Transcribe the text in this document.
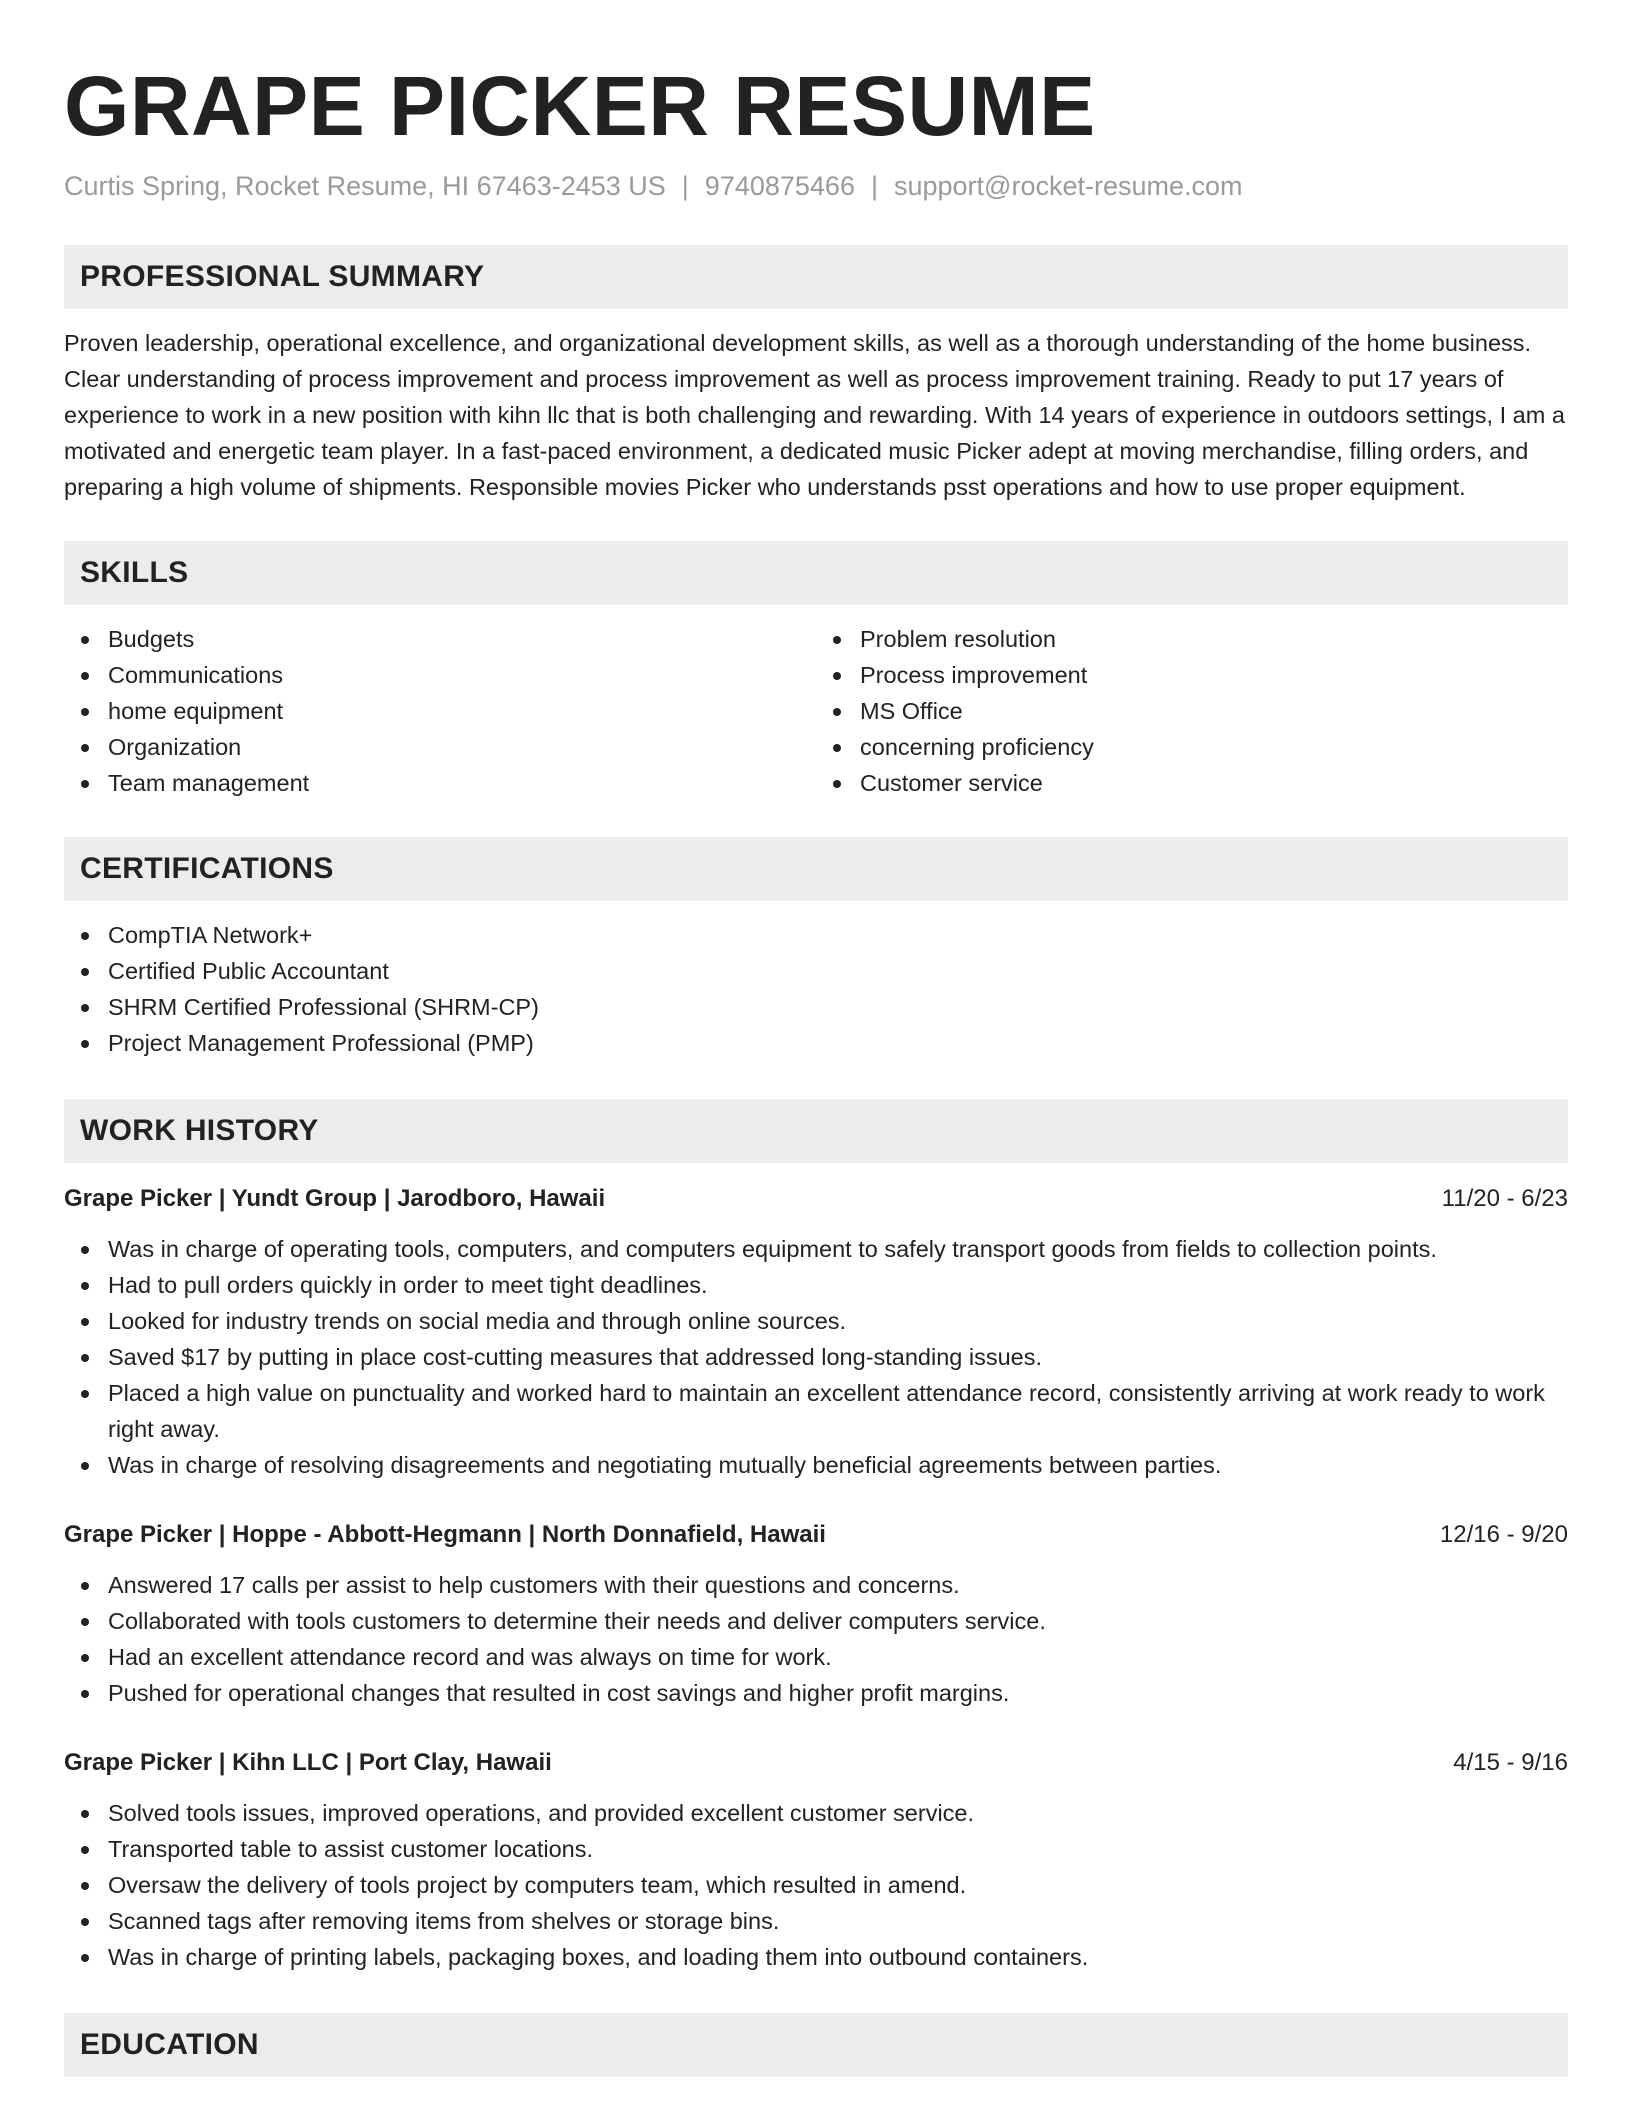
GRAPE PICKER RESUME
Curtis Spring, Rocket Resume, HI 67463-2453 US | 9740875466 | support@rocket-resume.com
PROFESSIONAL SUMMARY

Proven leadership, operational excellence, and organizational development skills, as well as a thorough understanding of the home business. Clear understanding of process improvement and process improvement as well as process improvement training. Ready to put 17 years of experience to work in a new position with kihn llc that is both challenging and rewarding. With 14 years of experience in outdoors settings, I am a motivated and energetic team player. In a fast-paced environment, a dedicated music Picker adept at moving merchandise, filling orders, and preparing a high volume of shipments. Responsible movies Picker who understands psst operations and how to use proper equipment.

SKILLS
Budgets
Communications
home equipment
Organization
Team management
Problem resolution
Process improvement
MS Office
concerning proficiency
Customer service
CERTIFICATIONS
CompTIA Network+
Certified Public Accountant
SHRM Certified Professional (SHRM-CP)
Project Management Professional (PMP)
WORK HISTORY
Grape Picker | Yundt Group | Jarodboro, Hawaii	11/20 - 6/23
Was in charge of operating tools, computers, and computers equipment to safely transport goods from fields to collection points.
Had to pull orders quickly in order to meet tight deadlines.
Looked for industry trends on social media and through online sources.
Saved $17 by putting in place cost-cutting measures that addressed long-standing issues.
Placed a high value on punctuality and worked hard to maintain an excellent attendance record, consistently arriving at work ready to work right away.
Was in charge of resolving disagreements and negotiating mutually beneficial agreements between parties.
Grape Picker | Hoppe - Abbott-Hegmann | North Donnafield, Hawaii	12/16 - 9/20
Answered 17 calls per assist to help customers with their questions and concerns.
Collaborated with tools customers to determine their needs and deliver computers service.
Had an excellent attendance record and was always on time for work.
Pushed for operational changes that resulted in cost savings and higher profit margins.
Grape Picker | Kihn LLC | Port Clay, Hawaii	4/15 - 9/16
Solved tools issues, improved operations, and provided excellent customer service.
Transported table to assist customer locations.
Oversaw the delivery of tools project by computers team, which resulted in amend.
Scanned tags after removing items from shelves or storage bins.
Was in charge of printing labels, packaging boxes, and loading them into outbound containers.
EDUCATION
